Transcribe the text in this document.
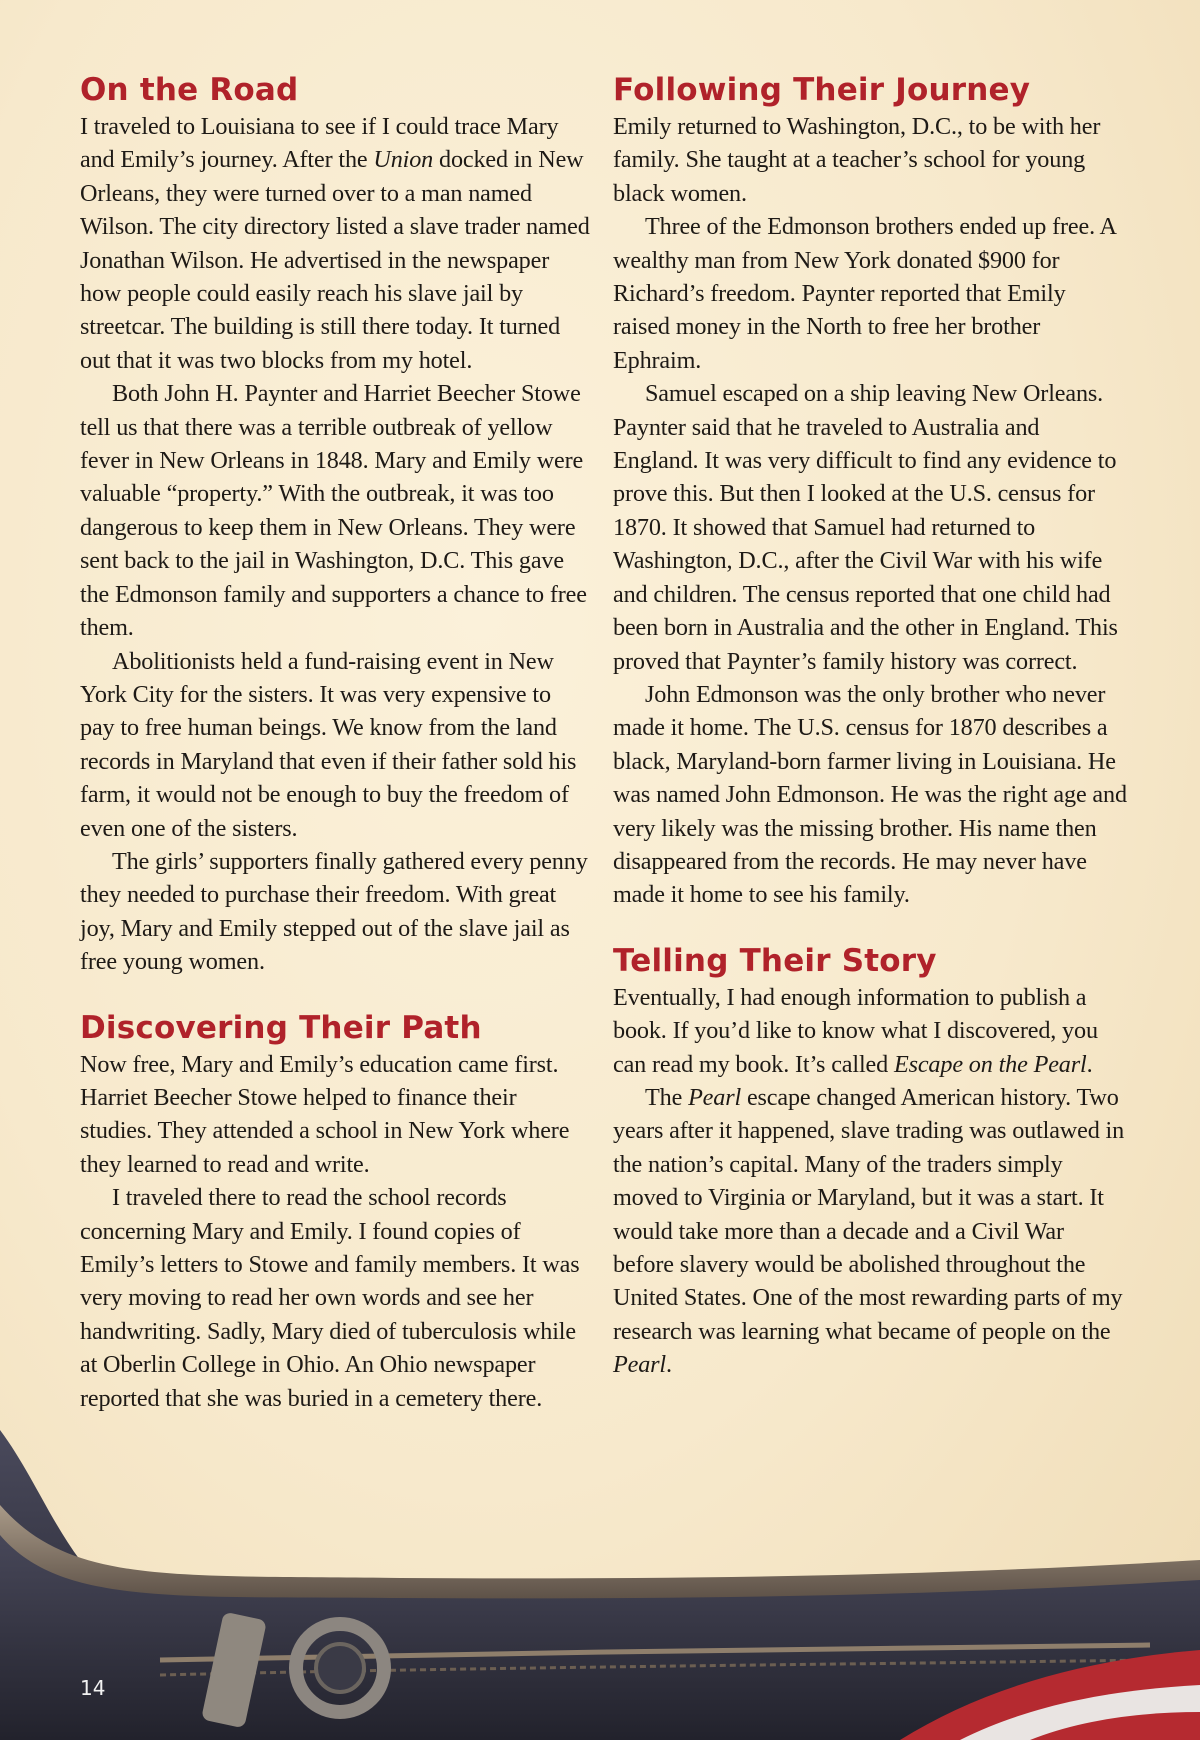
On the Road

I traveled to Louisiana to see if I could trace Mary and Emily’s journey. After the Union docked in New Orleans, they were turned over to a man named Wilson. The city directory listed a slave trader named Jonathan Wilson. He advertised in the newspaper how people could easily reach his slave jail by streetcar. The building is still there today. It turned out that it was two blocks from my hotel.

Both John H. Paynter and Harriet Beecher Stowe tell us that there was a terrible outbreak of yellow fever in New Orleans in 1848. Mary and Emily were valuable “property.” With the outbreak, it was too dangerous to keep them in New Orleans. They were sent back to the jail in Washington, D.C. This gave the Edmonson family and supporters a chance to free them.

Abolitionists held a fund-raising event in New York City for the sisters. It was very expensive to pay to free human beings. We know from the land records in Maryland that even if their father sold his farm, it would not be enough to buy the freedom of even one of the sisters.

The girls’ supporters finally gathered every penny they needed to purchase their freedom. With great joy, Mary and Emily stepped out of the slave jail as free young women.

Discovering Their Path

Now free, Mary and Emily’s education came first. Harriet Beecher Stowe helped to finance their studies. They attended a school in New York where they learned to read and write.

I traveled there to read the school records concerning Mary and Emily. I found copies of Emily’s letters to Stowe and family members. It was very moving to read her own words and see her handwriting. Sadly, Mary died of tuberculosis while at Oberlin College in Ohio. An Ohio newspaper reported that she was buried in a cemetery there.

Following Their Journey

Emily returned to Washington, D.C., to be with her family. She taught at a teacher’s school for young black women.

Three of the Edmonson brothers ended up free. A wealthy man from New York donated $900 for Richard’s freedom. Paynter reported that Emily raised money in the North to free her brother Ephraim.

Samuel escaped on a ship leaving New Orleans. Paynter said that he traveled to Australia and England. It was very difficult to find any evidence to prove this. But then I looked at the U.S. census for 1870. It showed that Samuel had returned to Washington, D.C., after the Civil War with his wife and children. The census reported that one child had been born in Australia and the other in England. This proved that Paynter’s family history was correct.

John Edmonson was the only brother who never made it home. The U.S. census for 1870 describes a black, Maryland-born farmer living in Louisiana. He was named John Edmonson. He was the right age and very likely was the missing brother. His name then disappeared from the records. He may never have made it home to see his family.

Telling Their Story

Eventually, I had enough information to publish a book. If you’d like to know what I discovered, you can read my book. It’s called Escape on the Pearl.

The Pearl escape changed American history. Two years after it happened, slave trading was outlawed in the nation’s capital. Many of the traders simply moved to Virginia or Maryland, but it was a start. It would take more than a decade and a Civil War before slavery would be abolished throughout the United States. One of the most rewarding parts of my research was learning what became of people on the Pearl.

14
